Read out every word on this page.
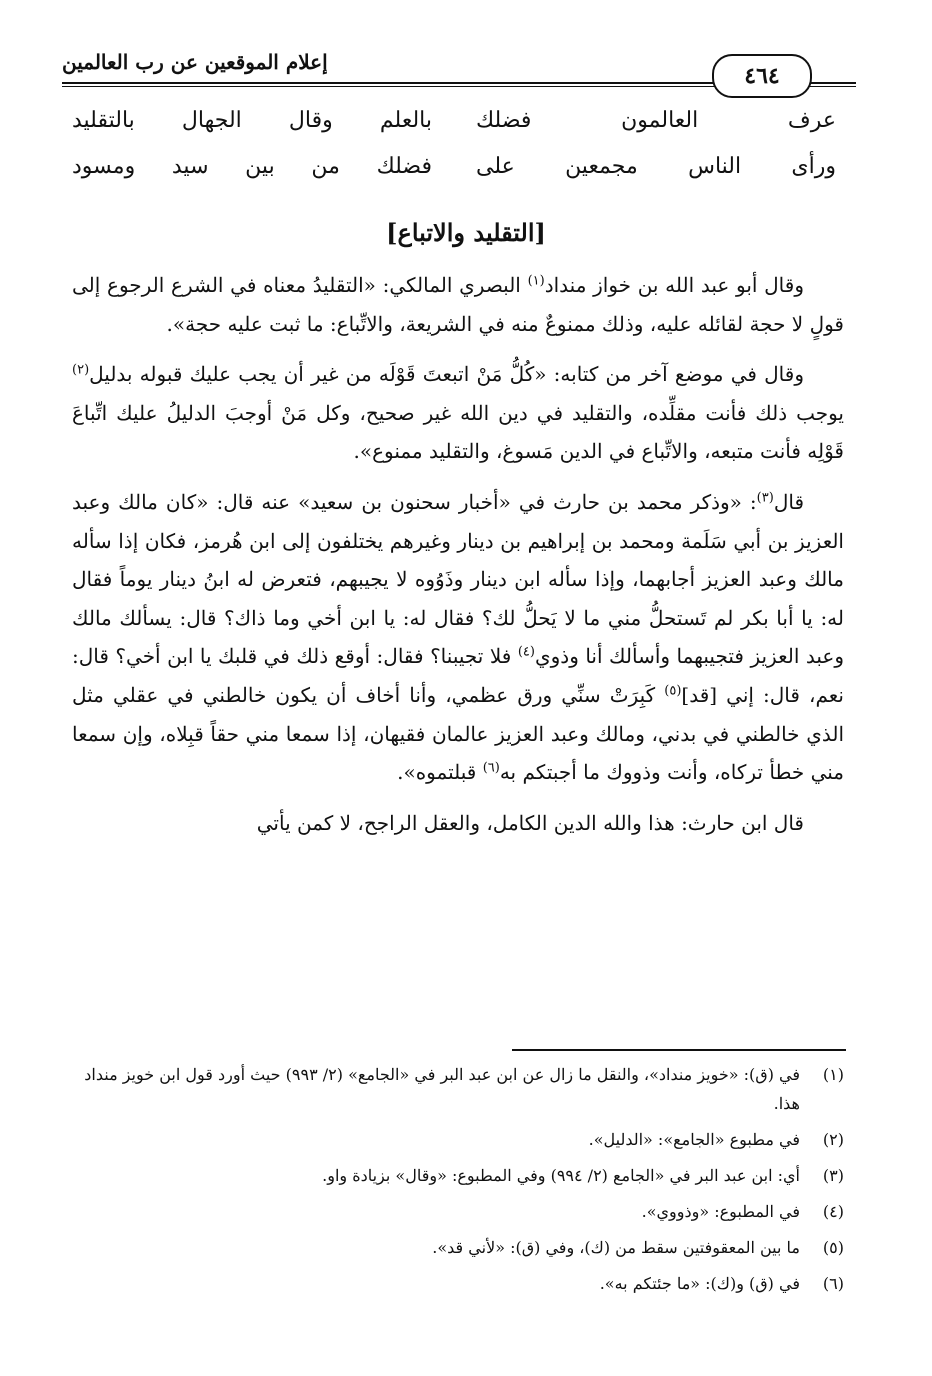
إعلام الموقعين عن رب العالمين
٤٦٤
عرف العالمون فضلك
بالعلم وقال الجهال بالتقليد
ورأى الناس مجمعين على
فضلك من بين سيد ومسود
[التقليد والاتباع]

وقال أبو عبد الله بن خواز منداد$^{(١)}$ البصري المالكي: «التقليدُ معناه في الشرع الرجوع إلى قولٍ لا حجة لقائله عليه، وذلك ممنوعٌ منه في الشريعة، والاتِّباع: ما ثبت عليه حجة».

وقال في موضع آخر من كتابه: «كُلُّ مَنْ اتبعتَ قَوْلَه من غير أن يجب عليك قبوله بدليل$^{(٢)}$ يوجب ذلك فأنت مقلِّده، والتقليد في دين الله غير صحيح، وكل مَنْ أوجبَ الدليلُ عليك اتِّباعَ قَوْلِه فأنت متبعه، والاتِّباع في الدين مَسوغ، والتقليد ممنوع».

قال$^{(٣)}$: «وذكر محمد بن حارث في «أخبار سحنون بن سعيد» عنه قال: «كان مالك وعبد العزيز بن أبي سَلَمة ومحمد بن إبراهيم بن دينار وغيرهم يختلفون إلى ابن هُرمز، فكان إذا سأله مالك وعبد العزيز أجابهما، وإذا سأله ابن دينار وذَوُوه لا يجيبهم، فتعرض له ابنُ دينار يوماً فقال له: يا أبا بكر لم تَستحلُّ مني ما لا يَحلُّ لك؟ فقال له: يا ابن أخي وما ذاك؟ قال: يسألك مالك وعبد العزيز فتجيبهما وأسألك أنا وذوي$^{(٤)}$ فلا تجيبنا؟ فقال: أوقع ذلك في قلبك يا ابن أخي؟ قال: نعم، قال: إني [قد]$^{(٥)}$ كَبِرَتْ سنِّي ورق عظمي، وأنا أخاف أن يكون خالطني في عقلي مثل الذي خالطني في بدني، ومالك وعبد العزيز عالمان فقيهان، إذا سمعا مني حقاً قبِلاه، وإن سمعا مني خطأ تركاه، وأنت وذووك ما أجبتكم به$^{(٦)}$ قبلتموه».

قال ابن حارث: هذا والله الدين الكامل، والعقل الراجح، لا كمن يأتي

(١)
في (ق): «خويز منداد»، والنقل ما زال عن ابن عبد البر في «الجامع» (٢/ ٩٩٣) حيث أورد قول ابن خويز منداد هذا.
(٢)
في مطبوع «الجامع»: «الدليل».
(٣)
أي: ابن عبد البر في «الجامع (٢/ ٩٩٤) وفي المطبوع: «وقال» بزيادة واو.
(٤)
في المطبوع: «وذووي».
(٥)
ما بين المعقوفتين سقط من (ك)، وفي (ق): «لأني قد».
(٦)
في (ق) و(ك): «ما جئتكم به».
